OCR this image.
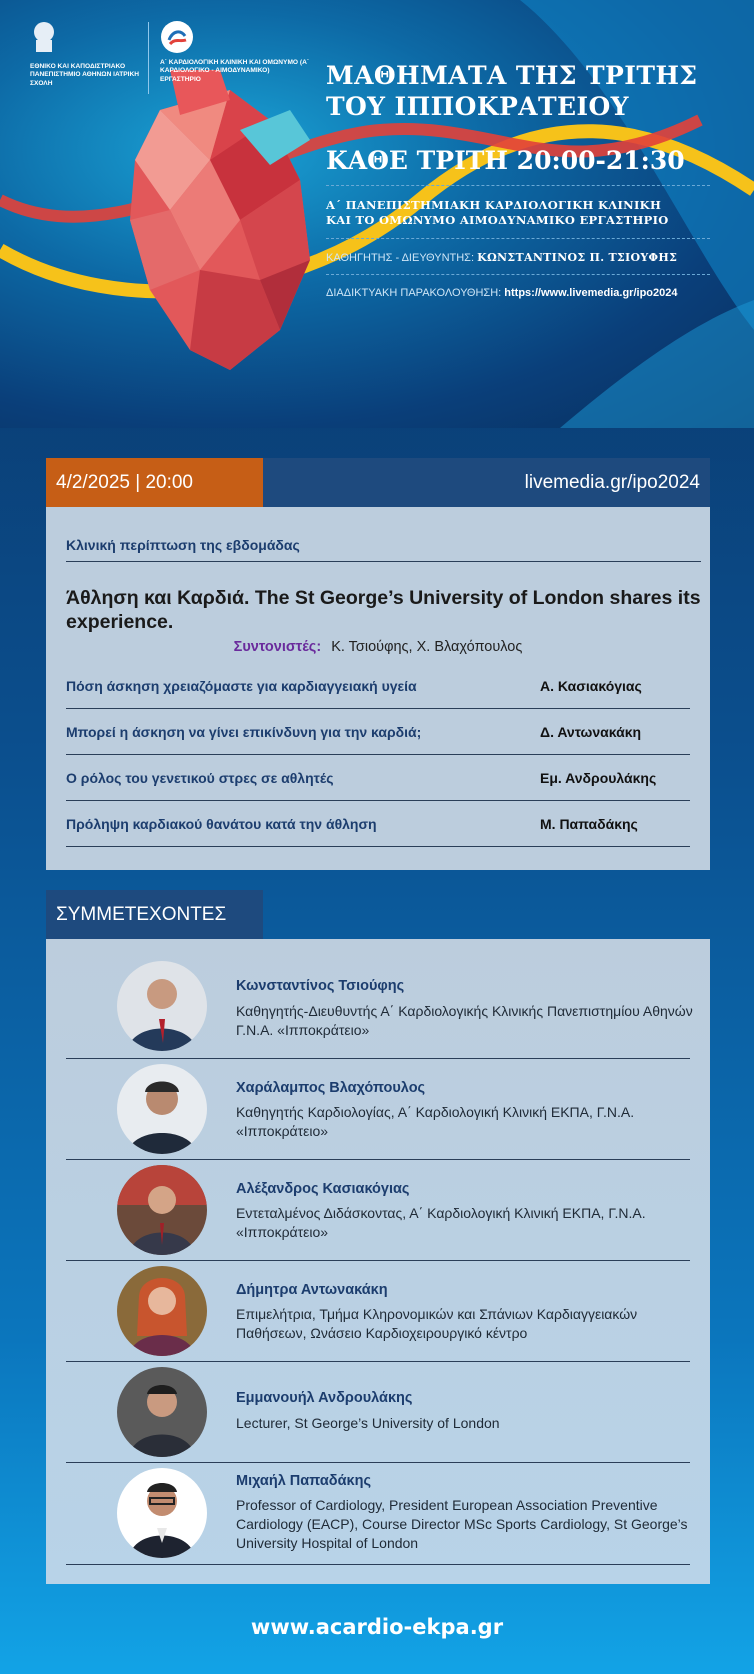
ΕΘΝΙΚΟ ΚΑΙ ΚΑΠΟΔΙΣΤΡΙΑΚΟ ΠΑΝΕΠΙΣΤΗΜΙΟ ΑΘΗΝΩΝ ΙΑΤΡΙΚΗ ΣΧΟΛΗ
Α΄ ΚΑΡΔΙΟΛΟΓΙΚΗ ΚΛΙΝΙΚΗ ΚΑΙ ΟΜΩΝΥΜΟ (Α΄ ΚΑΡΔΙΟΛΟΓΙΚΟ - ΑΙΜΟΔΥΝΑΜΙΚΟ) ΕΡΓΑΣΤΗΡΙΟ	ΜΑΘΗΜΑΤΑ ΤΗΣ ΤΡΙΤΗΣ
ΤΟΥ ΙΠΠΟΚΡΑΤΕΙΟΥ
ΚΑΘΕ ΤΡΙΤΗ 20:00-21:30
Α΄ ΠΑΝΕΠΙΣΤΗΜΙΑΚΗ ΚΑΡΔΙΟΛΟΓΙΚΗ ΚΛΙΝΙΚΗ
ΚΑΙ ΤΟ ΟΜΩΝΥΜΟ ΑΙΜΟΔΥΝΑΜΙΚΟ ΕΡΓΑΣΤΗΡΙΟ
ΚΑΘΗΓΗΤΗΣ - ΔΙΕΥΘΥΝΤΗΣ: ΚΩΝΣΤΑΝΤΙΝΟΣ Π. ΤΣΙΟΥΦΗΣ
ΔΙΑΔΙΚΤΥΑΚΗ ΠΑΡΑΚΟΛΟΥΘΗΣΗ: https://www.livemedia.gr/ipo2024
4/2/2025 | 20:00	livemedia.gr/ipo2024
Κλινική περίπτωση της εβδομάδας
Άθληση και Καρδιά. The St George’s University of London shares its experience.
Συντονιστές: Κ. Τσιούφης, Χ. Βλαχόπουλος
Πόση άσκηση χρειαζόμαστε για καρδιαγγειακή υγεία	Α. Κασιακόγιας
Μπορεί η άσκηση να γίνει επικίνδυνη για την καρδιά;	Δ. Αντωνακάκη
Ο ρόλος του γενετικού στρες σε αθλητές	Εμ. Ανδρουλάκης
Πρόληψη καρδιακού θανάτου κατά την άθληση	Μ. Παπαδάκης
ΣΥΜΜΕΤΕΧΟΝΤΕΣ
Κωνσταντίνος Τσιούφης
Καθηγητής-Διευθυντής Α΄ Καρδιολογικής Κλινικής Πανεπιστημίου Αθηνών Γ.Ν.Α. «Ιπποκράτειο»
Χαράλαμπος Βλαχόπουλος
Καθηγητής Καρδιολογίας, Α΄ Καρδιολογική Κλινική ΕΚΠΑ, Γ.Ν.Α. «Ιπποκράτειο»
Αλέξανδρος Κασιακόγιας
Εντεταλμένος Διδάσκοντας, Α΄ Καρδιολογική Κλινική ΕΚΠΑ, Γ.Ν.Α. «Ιπποκράτειο»
Δήμητρα Αντωνακάκη
Επιμελήτρια, Τμήμα Κληρονομικών και Σπάνιων Καρδιαγγειακών Παθήσεων, Ωνάσειο Καρδιοχειρουργικό κέντρο
Εμμανουήλ Ανδρουλάκης
Lecturer, St George’s University of London
Μιχαήλ Παπαδάκης
Professor of Cardiology, President European Association Preventive Cardiology (EACP), Course Director MSc Sports Cardiology, St George’s University Hospital of London
www.acardio-ekpa.gr
